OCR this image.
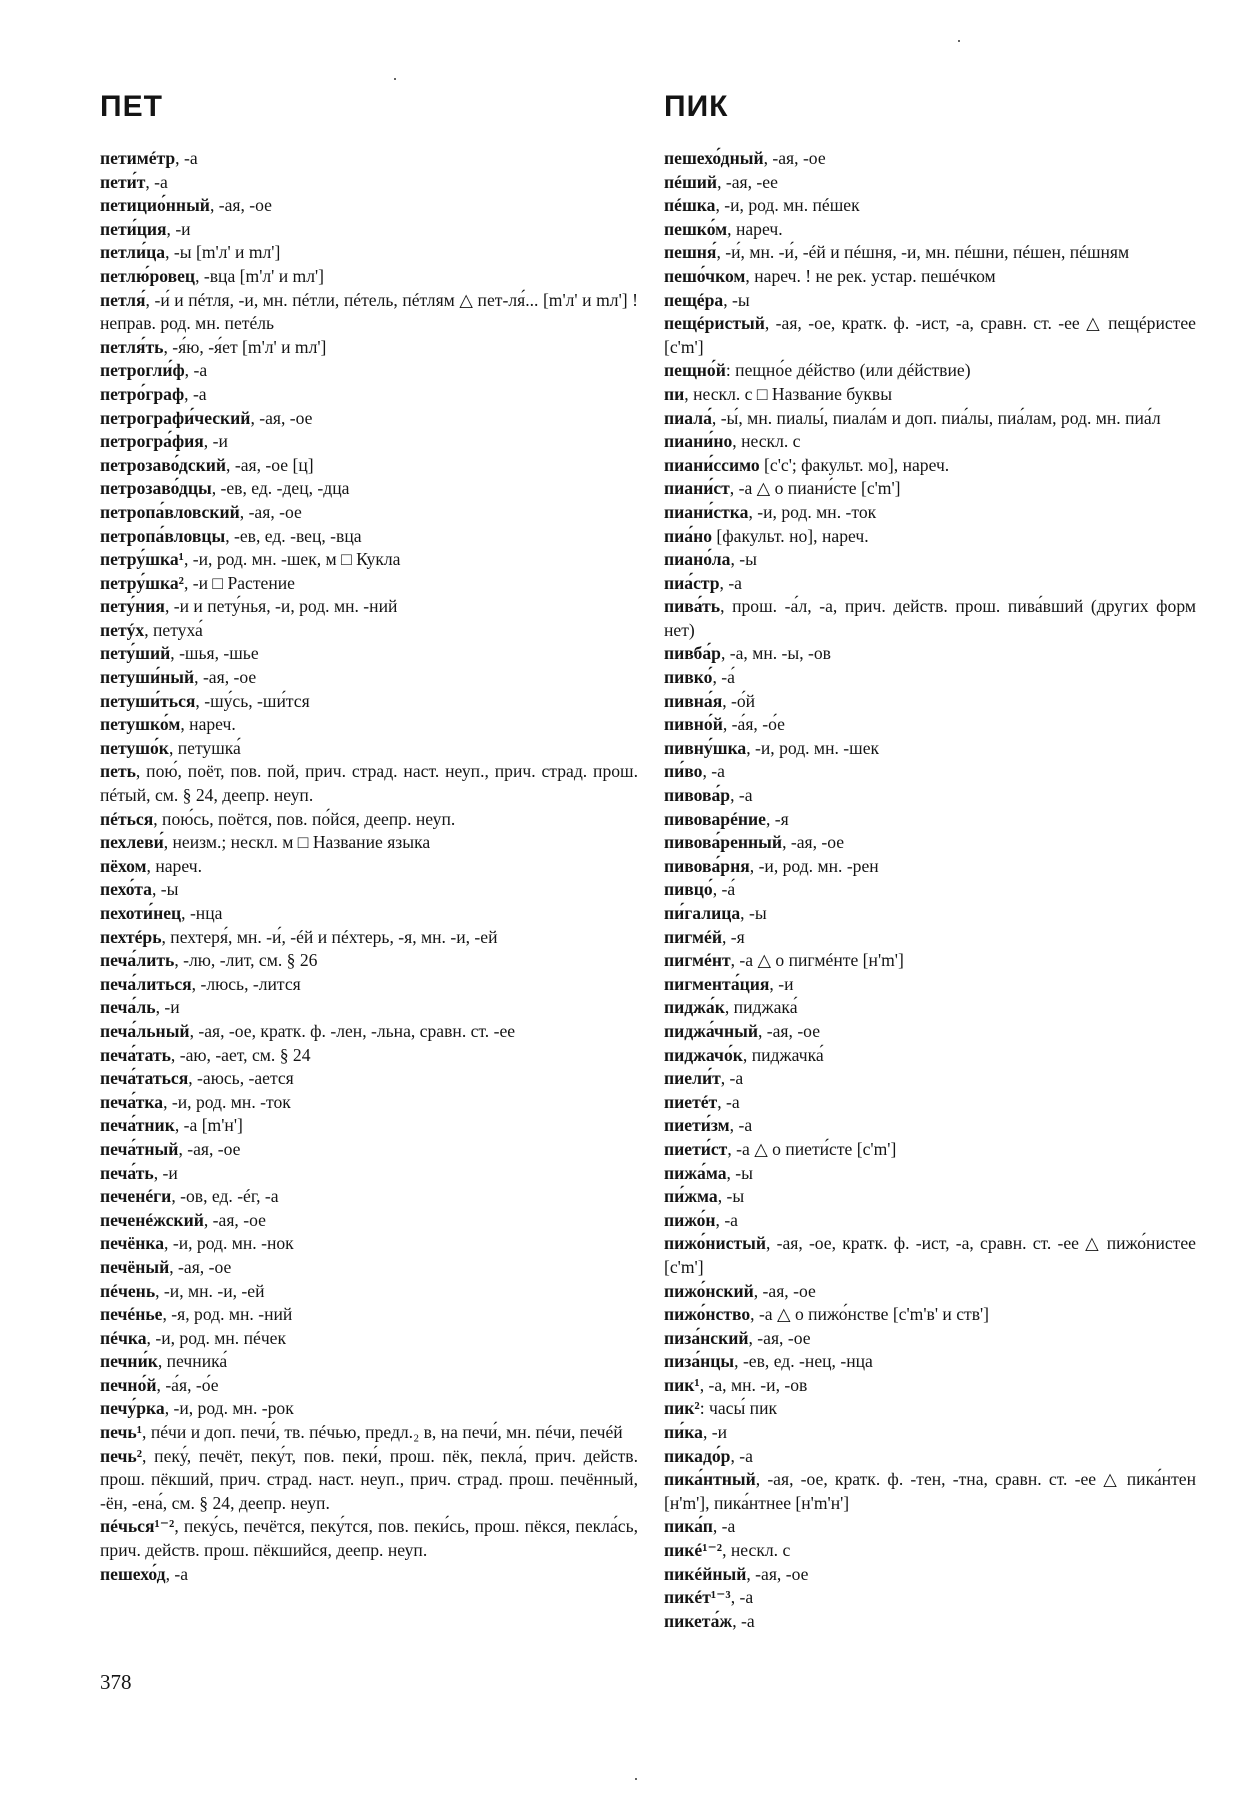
ПЕТ
петимéтр, -а
пети́т, -а
петицио́нный, -ая, -ое
пети́ция, -и
петли́ца, -ы [m'л' и mл']
петлю́ровец, -вца [m'л' и mл']
петля́, -и́ и пéтля, -и, мн. пéтли, пéтель, пéтлям △ пет-ля́... [m'л' и mл'] ! неправ. род. мн. петéль
петля́ть, -я́ю, -я́ет [m'л' и mл']
петрогли́ф, -а
петро́граф, -а
петрографи́ческий, -ая, -ое
петрогра́фия, -и
петрозаво́дский, -ая, -ое [ц]
петрозаво́дцы, -ев, ед. -дец, -дца
петропа́вловский, -ая, -ое
петропа́вловцы, -ев, ед. -вец, -вца
петру́шка¹, -и, род. мн. -шек, м □ Кукла
петру́шка², -и □ Растение
пету́ния, -и и пету́нья, -и, род. мн. -ний
петýх, петуха́
пету́ший, -шья, -шье
петуши́ный, -ая, -ое
петуши́ться, -шу́сь, -ши́тся
петушко́м, нареч.
петушо́к, петушка́
петь, пою́, поёт, пов. пой, прич. страд. наст. неуп., прич. страд. прош. пéтый, см. § 24, деепр. неуп.
пéться, пою́сь, поётся, пов. по́йся, деепр. неуп.
пехлеви́, неизм.; нескл. м □ Название языка
пёхом, нареч.
пехо́та, -ы
пехоти́нец, -нца
пехтéрь, пехтеря́, мн. -и́, -éй и пéхтерь, -я, мн. -и, -ей
печа́лить, -лю, -лит, см. § 26
печа́литься, -люсь, -лится
печа́ль, -и
печа́льный, -ая, -ое, кратк. ф. -лен, -льна, сравн. ст. -ее
печа́тать, -аю, -ает, см. § 24
печа́таться, -аюсь, -ается
печа́тка, -и, род. мн. -ток
печа́тник, -а [m'н']
печа́тный, -ая, -ое
печа́ть, -и
печенéги, -ов, ед. -éг, -а
печенéжский, -ая, -ое
печёнка, -и, род. мн. -нок
печёный, -ая, -ое
пéчень, -и, мн. -и, -ей
печéнье, -я, род. мн. -ний
пéчка, -и, род. мн. пéчек
печни́к, печника́
печно́й, -а́я, -о́е
печу́рка, -и, род. мн. -рок
печь¹, пéчи и доп. печи́, тв. пéчью, предл.₂ в, на печи́, мн. пéчи, печéй
печь², пеку́, печёт, пеку́т, пов. пеки́, прош. пёк, пекла́, прич. действ. прош. пёкший, прич. страд. наст. неуп., прич. страд. прош. печённый, -ён, -ена́, см. § 24, деепр. неуп.
пéчься¹⁻², пеку́сь, печётся, пеку́тся, пов. пеки́сь, прош. пёкся, пекла́сь, прич. действ. прош. пёкшийся, деепр. неуп.
пешехо́д, -а
ПИК
пешехо́дный, -ая, -ое
пéший, -ая, -ее
пéшка, -и, род. мн. пéшек
пешко́м, нареч.
пешня́, -и́, мн. -и́, -éй и пéшня, -и, мн. пéшни, пéшен, пéшням
пешо́чком, нареч. ! не рек. устар. пешéчком
пещéра, -ы
пещéристый, -ая, -ое, кратк. ф. -ист, -а, сравн. ст. -ее △ пещéристее [с'm']
пещно́й: пещно́е дéйство (или дéйствие)
пи, нескл. с □ Название буквы
пиала́, -ы́, мн. пиалы́, пиала́м и доп. пиа́лы, пиа́лам, род. мн. пиа́л
пиани́но, нескл. с
пиани́ссимо [с'с'; факульт. мо], нареч.
пиани́ст, -а △ о пиани́сте [с'm']
пиани́стка, -и, род. мн. -ток
пиа́но [факульт. но], нареч.
пиано́ла, -ы
пиа́стр, -а
пива́ть, прош. -а́л, -а, прич. действ. прош. пива́вший (других форм нет)
пивба́р, -а, мн. -ы, -ов
пивко́, -а́
пивна́я, -о́й
пивно́й, -а́я, -о́е
пивну́шка, -и, род. мн. -шек
пи́во, -а
пивова́р, -а
пивоварéние, -я
пивова́ренный, -ая, -ое
пивова́рня, -и, род. мн. -рен
пивцо́, -а́
пи́галица, -ы
пигмéй, -я
пигмéнт, -а △ о пигмéнте [н'm']
пигмента́ция, -и
пиджа́к, пиджака́
пиджа́чный, -ая, -ое
пиджачо́к, пиджачка́
пиели́т, -а
пиетéт, -а
пиети́зм, -а
пиети́ст, -а △ о пиети́сте [с'm']
пижа́ма, -ы
пи́жма, -ы
пижо́н, -а
пижо́нистый, -ая, -ое, кратк. ф. -ист, -а, сравн. ст. -ее △ пижо́нистее [с'm']
пижо́нский, -ая, -ое
пижо́нство, -а △ о пижо́нстве [с'm'в' и ств']
пиза́нский, -ая, -ое
пиза́нцы, -ев, ед. -нец, -нца
пик¹, -а, мн. -и, -ов
пик²: часы́ пик
пи́ка, -и
пикадо́р, -а
пика́нтный, -ая, -ое, кратк. ф. -тен, -тна, сравн. ст. -ее △ пика́нтен [н'm'], пика́нтнее [н'm'н']
пика́п, -а
пикé¹⁻², нескл. с
пикéйный, -ая, -ое
пикéт¹⁻³, -а
пикета́ж, -а
378
